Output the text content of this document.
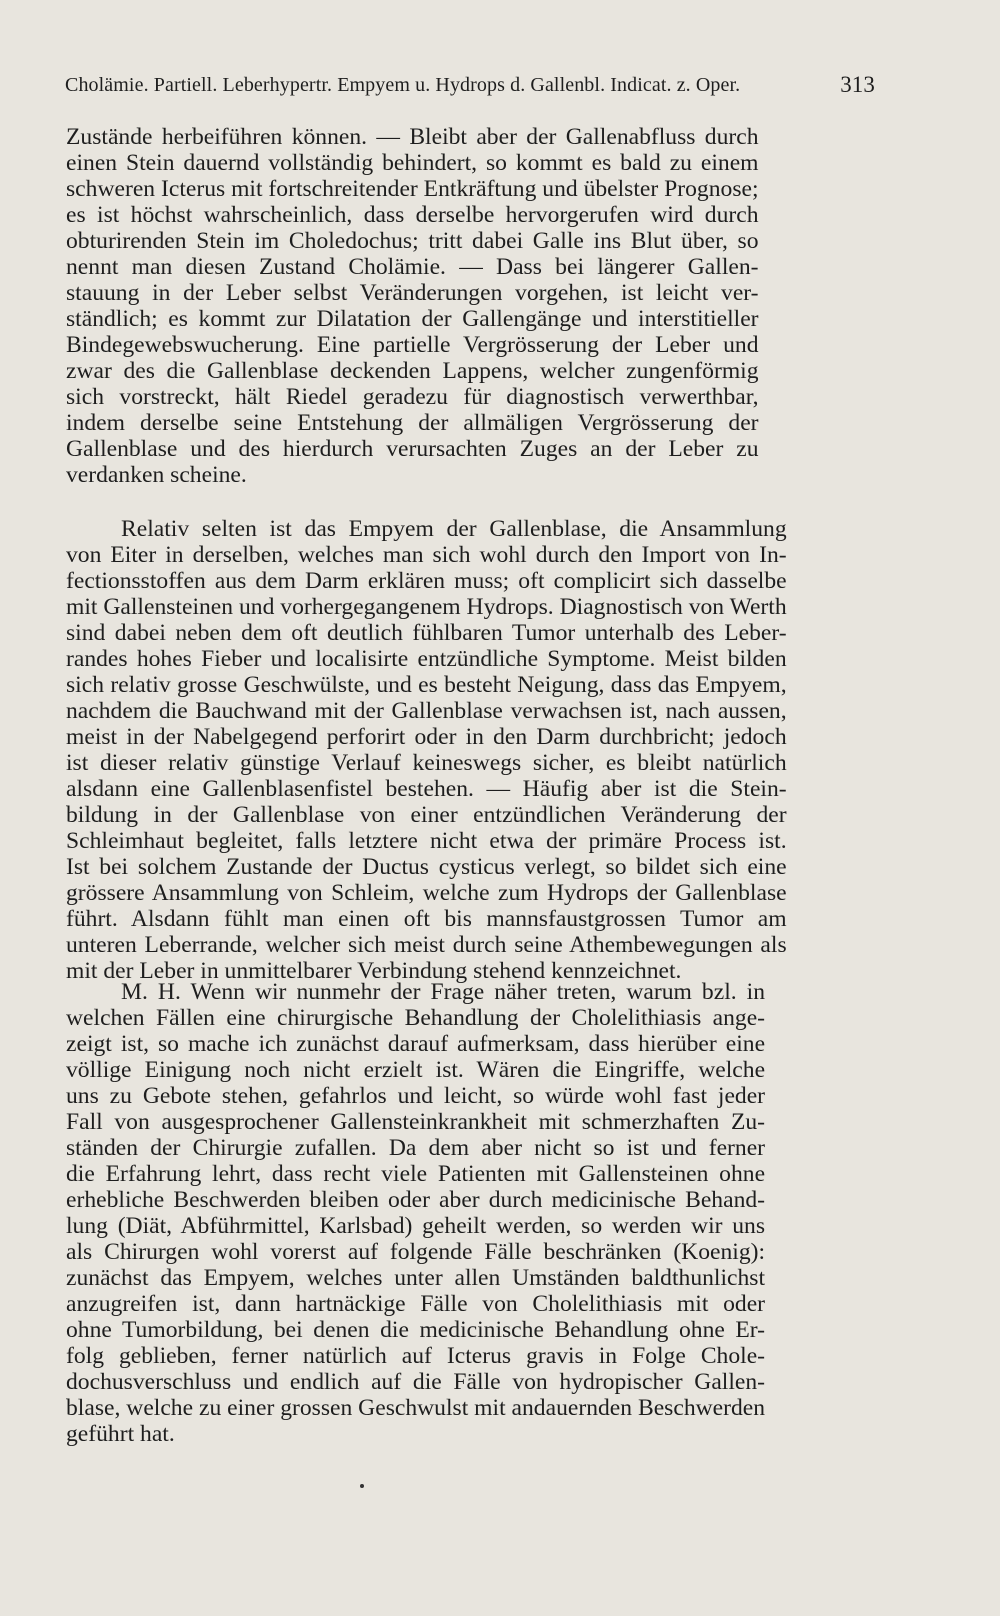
Cholämie. Partiell. Leberhypertr. Empyem u. Hydrops d. Gallenbl. Indicat. z. Oper.	313
Zustände herbeiführen können. — Bleibt aber der Gallenabfluss durch
einen Stein dauernd vollständig behindert, so kommt es bald zu einem
schweren Icterus mit fortschreitender Entkräftung und übelster Prognose;
es ist höchst wahrscheinlich, dass derselbe hervorgerufen wird durch
obturirenden Stein im Choledochus; tritt dabei Galle ins Blut über, so
nennt man diesen Zustand Cholämie. — Dass bei längerer Gallen-
stauung in der Leber selbst Veränderungen vorgehen, ist leicht ver-
ständlich; es kommt zur Dilatation der Gallengänge und interstitieller
Bindegewebswucherung. Eine partielle Vergrösserung der Leber und
zwar des die Gallenblase deckenden Lappens, welcher zungenförmig
sich vorstreckt, hält Riedel geradezu für diagnostisch verwerthbar,
indem derselbe seine Entstehung der allmäligen Vergrösserung der
Gallenblase und des hierdurch verursachten Zuges an der Leber zu
verdanken scheine.
Relativ selten ist das Empyem der Gallenblase, die Ansammlung
von Eiter in derselben, welches man sich wohl durch den Import von In-
fectionsstoffen aus dem Darm erklären muss; oft complicirt sich dasselbe
mit Gallensteinen und vorhergegangenem Hydrops. Diagnostisch von Werth
sind dabei neben dem oft deutlich fühlbaren Tumor unterhalb des Leber-
randes hohes Fieber und localisirte entzündliche Symptome. Meist bilden
sich relativ grosse Geschwülste, und es besteht Neigung, dass das Empyem,
nachdem die Bauchwand mit der Gallenblase verwachsen ist, nach aussen,
meist in der Nabelgegend perforirt oder in den Darm durchbricht; jedoch
ist dieser relativ günstige Verlauf keineswegs sicher, es bleibt natürlich
alsdann eine Gallenblasenfistel bestehen. — Häufig aber ist die Stein-
bildung in der Gallenblase von einer entzündlichen Veränderung der
Schleimhaut begleitet, falls letztere nicht etwa der primäre Process ist.
Ist bei solchem Zustande der Ductus cysticus verlegt, so bildet sich eine
grössere Ansammlung von Schleim, welche zum Hydrops der Gallenblase
führt. Alsdann fühlt man einen oft bis mannsfaustgrossen Tumor am
unteren Leberrande, welcher sich meist durch seine Athembewegungen als
mit der Leber in unmittelbarer Verbindung stehend kennzeichnet.
M. H. Wenn wir nunmehr der Frage näher treten, warum bzl. in
welchen Fällen eine chirurgische Behandlung der Cholelithiasis ange-
zeigt ist, so mache ich zunächst darauf aufmerksam, dass hierüber eine
völlige Einigung noch nicht erzielt ist. Wären die Eingriffe, welche
uns zu Gebote stehen, gefahrlos und leicht, so würde wohl fast jeder
Fall von ausgesprochener Gallensteinkrankheit mit schmerzhaften Zu-
ständen der Chirurgie zufallen. Da dem aber nicht so ist und ferner
die Erfahrung lehrt, dass recht viele Patienten mit Gallensteinen ohne
erhebliche Beschwerden bleiben oder aber durch medicinische Behand-
lung (Diät, Abführmittel, Karlsbad) geheilt werden, so werden wir uns
als Chirurgen wohl vorerst auf folgende Fälle beschränken (Koenig):
zunächst das Empyem, welches unter allen Umständen baldthunlichst
anzugreifen ist, dann hartnäckige Fälle von Cholelithiasis mit oder
ohne Tumorbildung, bei denen die medicinische Behandlung ohne Er-
folg geblieben, ferner natürlich auf Icterus gravis in Folge Chole-
dochusverschluss und endlich auf die Fälle von hydropischer Gallen-
blase, welche zu einer grossen Geschwulst mit andauernden Beschwerden
geführt hat.
